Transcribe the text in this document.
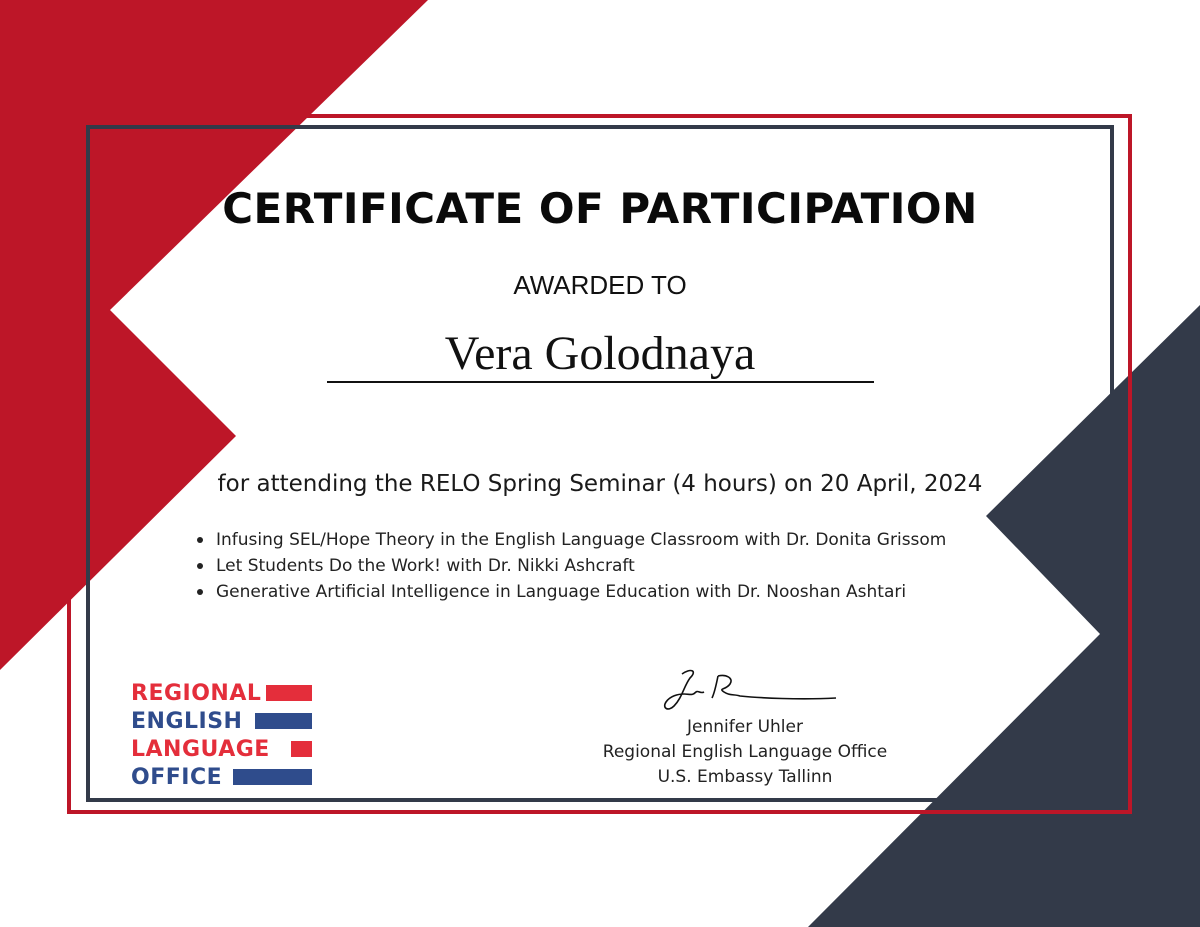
CERTIFICATE OF PARTICIPATION
AWARDED TO
Vera Golodnaya
for attending the RELO Spring Seminar (4 hours) on 20 April, 2024
Infusing SEL/Hope Theory in the English Language Classroom with Dr. Donita Grissom
Let Students Do the Work! with Dr. Nikki Ashcraft
Generative Artificial Intelligence in Language Education with Dr. Nooshan Ashtari
REGIONAL
ENGLISH
LANGUAGE
OFFICE
Jennifer Uhler
Regional English Language Office
U.S. Embassy Tallinn
